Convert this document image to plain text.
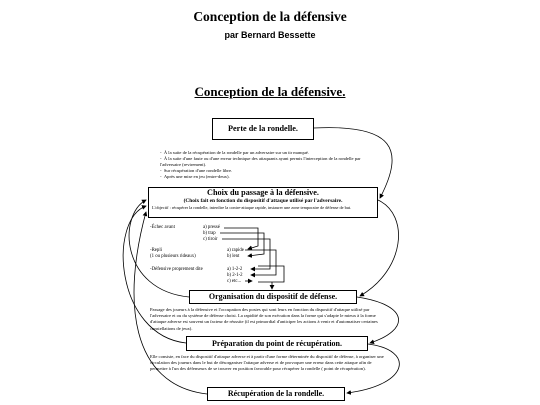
Conception de la défensive
par Bernard Bessette
Conception de la défensive.
Perte de la rondelle.
-  À la suite de la récupération de la rondelle par un adversaire sur un tir manqué.
-  À la suite d'une faute ou d'une erreur technique des attaquants ayant permis l'interception de la rondelle par l'adversaire (revirement).
-  Sur récupération d'une rondelle libre.
-  Après une mise en jeu (entre-deux).
Choix du passage à la défensive.
(Choix fait en fonction du dispositif d'attaque utilisé par l'adversaire.
L'objectif : récupérer la rondelle, interdire la contre-attaque rapide, instaurer une zone temporaire de défense de but.
-Échec avant	a) pressé
b) trap
c) tiroir
-Repli
(1 ou plusieurs rideaux)
a) rapide
b) lent
-Défensive proprement dite	a) 1-2-2
b) 2-1-2
c) etc...
Organisation du dispositif de défense.

Passage des joueurs à la défensive et l'occupation des postes qui sont leurs en fonction du dispositif d'attaque utilisé par l'adversaire et ou du système de défense choisi. La rapidité de son exécution dans la forme qui s'adapte le mieux à la forme d'attaque adverse est souvent un facteur de réussite (il est primordial d'anticiper les actions à venir et d'automatiser certaines constellations de jeux).

Préparation du point de récupération.

Elle consiste, en face du dispositif d'attaque adverse et à partir d'une forme déterminée du dispositif de défense, à organiser une circulation des joueurs dans le but de désorganiser l'attaque adverse et de provoquer une erreur dans cette attaque afin de permettre à l'un des défenseurs de se trouver en position favorable pour récupérer la rondelle ( point de récupération).

Récupération de la rondelle.
